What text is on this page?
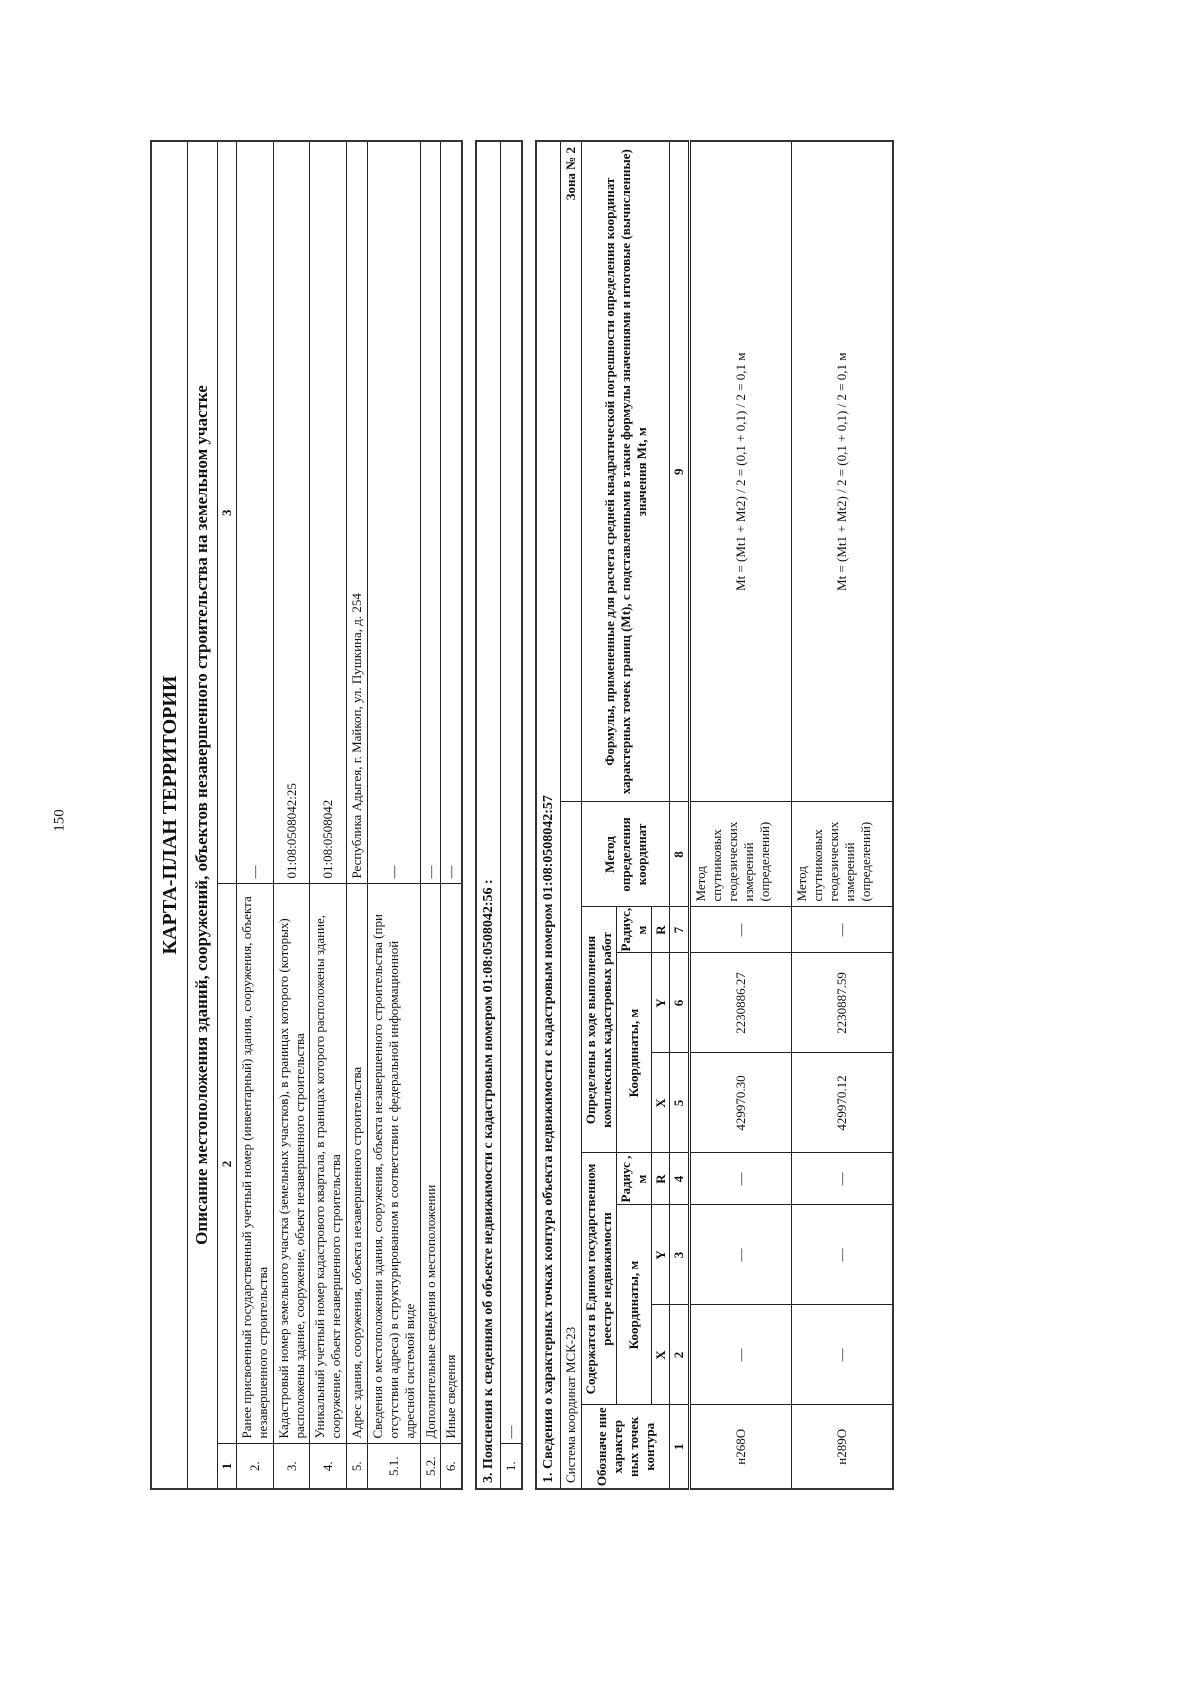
150	КАРТА-ПЛАН ТЕРРИТОРИИ		
Описание местоположения зданий, сооружений, объектов незавершенного строительства на земельном участке		
1	2	3
2.	Ранее присвоенный государственный учетный номер (инвентарный) здания, сооружения, объекта незавершенного строительства	—
3.	Кадастровый номер земельного участка (земельных участков), в границах которого (которых) расположены здание, сооружение, объект незавершенного строительства	01:08:0508042:25
4.	Уникальный учетный номер кадастрового квартала, в границах которого расположены здание, сооружение, объект незавершенного строительства	01:08:0508042
5.	Адрес здания, сооружения, объекта незавершенного строительства	Республика Адыгея, г. Майкоп, ул. Пушкина, д. 254
5.1.	Сведения о местоположении здания, сооружения, объекта незавершенного строительства (при отсутствии адреса) в структурированном в соответствии с федеральной информационной адресной системой виде	—
5.2.	Дополнительные сведения о местоположении	—
6.	Иные сведения	—
3. Пояснения к сведениям об объекте недвижимости с кадастровым номером 01:08:0508042:56 :
1.	— 1. Сведения о характерных точках контура объекта недвижимости с кадастровым номером 01:08:0508042:57								
Система координат МСК-23								Зона № 2
Обозначе ние характер ных точек контура	Содержатся в Едином государственном реестре недвижимости			Определены в ходе выполнения комплексных кадастровых работ			Метод определения координат	Формулы, примененные для расчета средней квадратической погрешности определения координат характерных точек границ (Mt), с подставленными в такие формулы значениями и итоговые (вычисленные) значения Mt, м
	Координаты, м		Радиус , м	Координаты, м		Радиус, м		
	X	Y	R	X	Y	R		
1	2	3	4	5	6	7	8	9
н268О	—	—	—	429970.30	2230886.27	—	Метод спутниковых геодезических измерений (определений)	Mt = (Mt1 + Mt2) / 2 = (0,1 + 0,1) / 2 = 0,1 м
н289О	—	—	—	429970.12	2230887.59	—	Метод спутниковых геодезических измерений (определений)	Mt = (Mt1 + Mt2) / 2 = (0,1 + 0,1) / 2 = 0,1 м
